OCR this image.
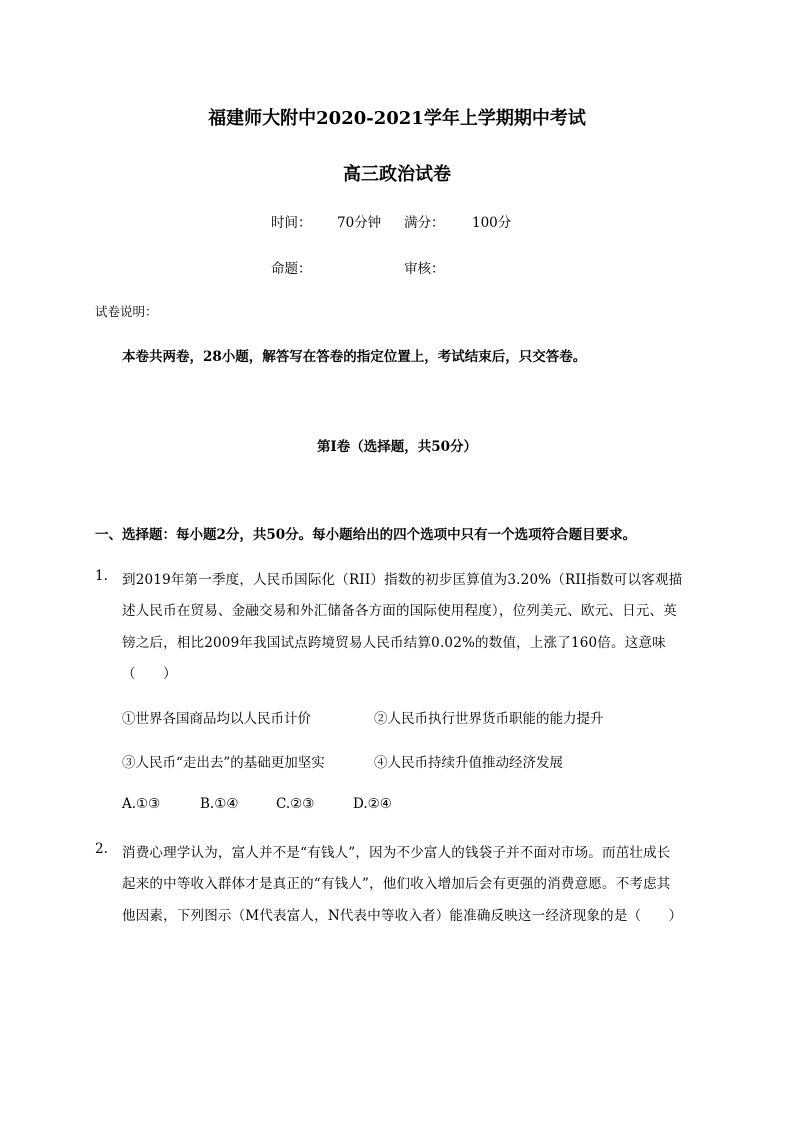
福建师大附中2020-2021学年上学期期中考试
高三政治试卷
时间： 70分钟 满分： 100分
命题：	审核：
试卷说明：
本卷共两卷，28小题，解答写在答卷的指定位置上，考试结束后，只交答卷。
第Ⅰ卷（选择题，共50分）
一、选择题：每小题2分，共50分。每小题给出的四个选项中只有一个选项符合题目要求。
1. 到2019年第一季度，人民币国际化（RII）指数的初步匡算值为3.20%（RII指数可以客观描
述人民币在贸易、金融交易和外汇储备各方面的国际使用程度），位列美元、欧元、日元、英
镑之后，相比2009年我国试点跨境贸易人民币结算0.02%的数值，上涨了160倍。这意味
（　　）
①世界各国商品均以人民币计价	②人民币执行世界货币职能的能力提升
③人民币“走出去”的基础更加坚实	④人民币持续升值推动经济发展
A.①③	B.①④	C.②③	D.②④
2. 消费心理学认为，富人并不是“有钱人”，因为不少富人的钱袋子并不面对市场。而茁壮成长
起来的中等收入群体才是真正的“有钱人”，他们收入增加后会有更强的消费意愿。不考虑其
他因素，下列图示（M代表富人，N代表中等收入者）能准确反映这一经济现象的是（　　）
